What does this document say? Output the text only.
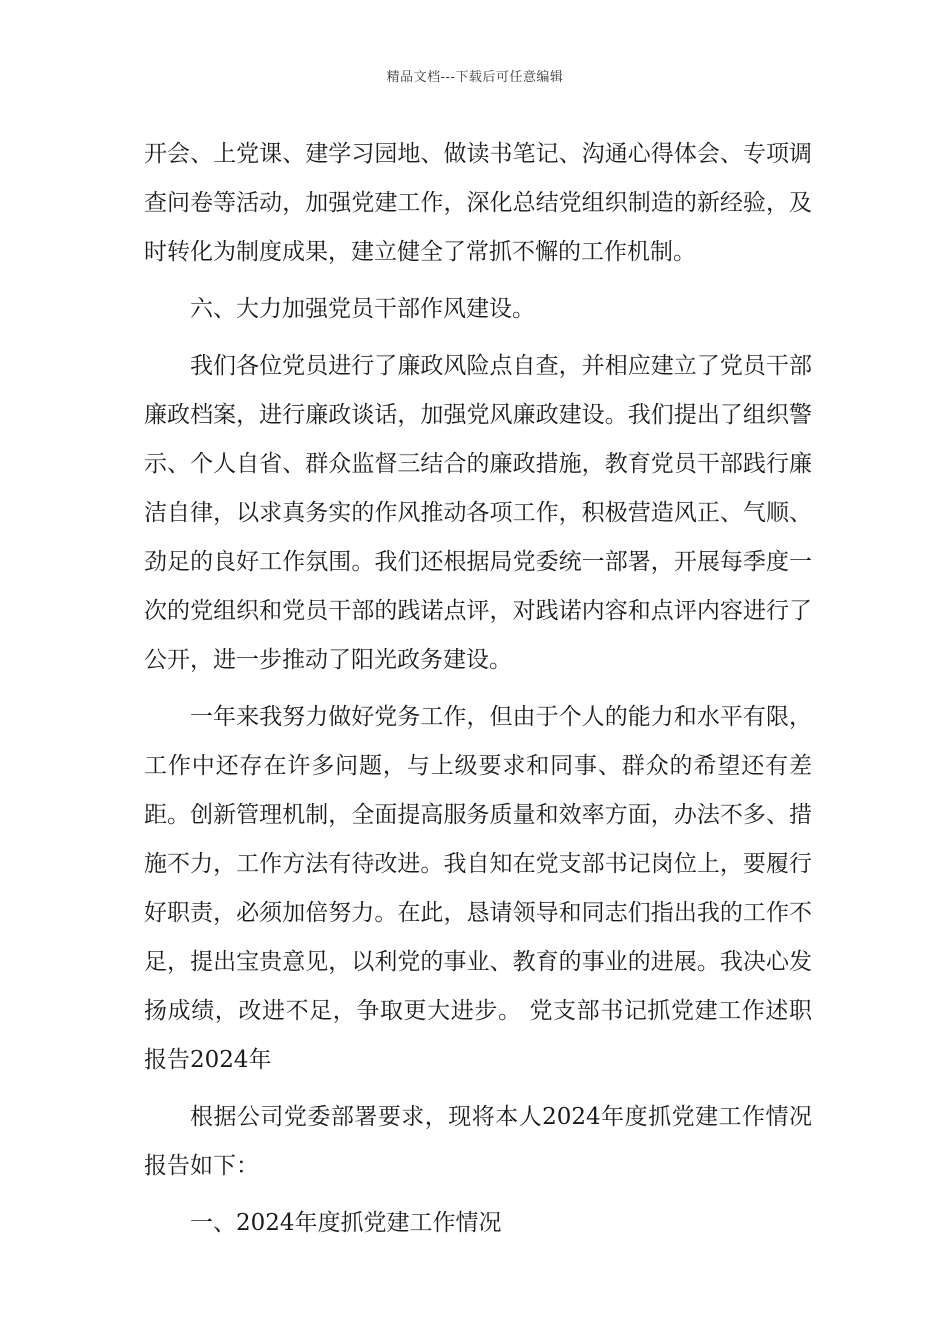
精品文档---下载后可任意编辑

开会、上党课、建学习园地、做读书笔记、沟通心得体会、专项调查问卷等活动，加强党建工作，深化总结党组织制造的新经验，及时转化为制度成果，建立健全了常抓不懈的工作机制。

六、大力加强党员干部作风建设。

我们各位党员进行了廉政风险点自查，并相应建立了党员干部廉政档案，进行廉政谈话，加强党风廉政建设。我们提出了组织警示、个人自省、群众监督三结合的廉政措施，教育党员干部践行廉洁自律，以求真务实的作风推动各项工作，积极营造风正、气顺、劲足的良好工作氛围。我们还根据局党委统一部署，开展每季度一次的党组织和党员干部的践诺点评，对践诺内容和点评内容进行了公开，进一步推动了阳光政务建设。

一年来我努力做好党务工作，但由于个人的能力和水平有限，工作中还存在许多问题，与上级要求和同事、群众的希望还有差距。创新管理机制，全面提高服务质量和效率方面，办法不多、措施不力，工作方法有待改进。我自知在党支部书记岗位上，要履行好职责，必须加倍努力。在此，恳请领导和同志们指出我的工作不足，提出宝贵意见，以利党的事业、教育的事业的进展。我决心发扬成绩，改进不足，争取更大进步。 党支部书记抓党建工作述职报告2024年

根据公司党委部署要求，现将本人2024年度抓党建工作情况报告如下：

一、2024年度抓党建工作情况
